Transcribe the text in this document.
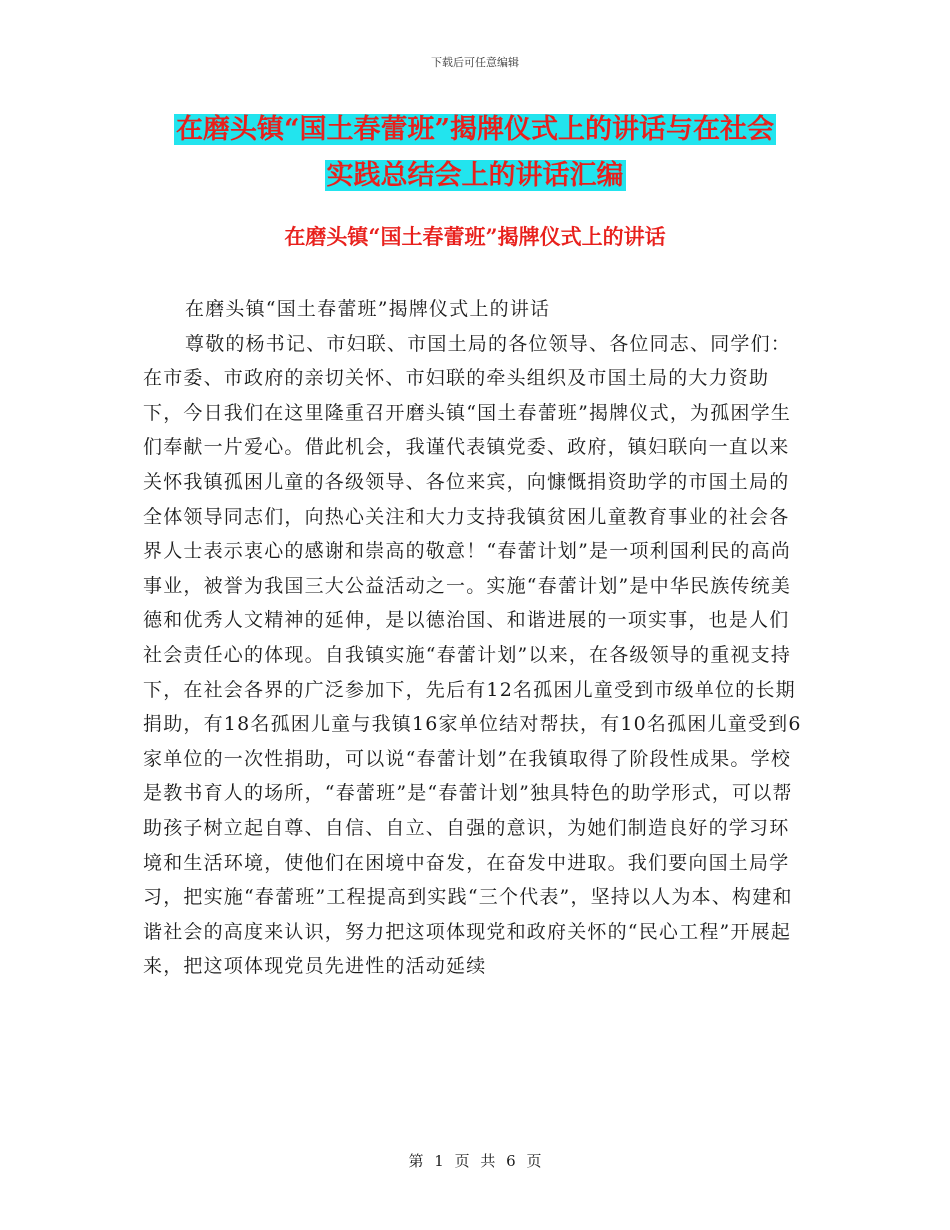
下载后可任意编辑
在磨头镇“国土春蕾班”揭牌仪式上的讲话与在社会
实践总结会上的讲话汇编
在磨头镇“国土春蕾班”揭牌仪式上的讲话

在磨头镇“国土春蕾班”揭牌仪式上的讲话

尊敬的杨书记、市妇联、市国土局的各位领导、各位同志、同学们：

在市委、市政府的亲切关怀、市妇联的牵头组织及市国土局的大力资助下，今日我们在这里隆重召开磨头镇“国土春蕾班”揭牌仪式，为孤困学生们奉献一片爱心。借此机会，我谨代表镇党委、政府，镇妇联向一直以来关怀我镇孤困儿童的各级领导、各位来宾，向慷慨捐资助学的市国土局的全体领导同志们，向热心关注和大力支持我镇贫困儿童教育事业的社会各界人士表示衷心的感谢和崇高的敬意！“春蕾计划”是一项利国利民的高尚事业，被誉为我国三大公益活动之一。实施“春蕾计划”是中华民族传统美德和优秀人文精神的延伸，是以德治国、和谐进展的一项实事，也是人们社会责任心的体现。自我镇实施“春蕾计划”以来，在各级领导的重视支持下，在社会各界的广泛参加下，先后有12名孤困儿童受到市级单位的长期捐助，有18名孤困儿童与我镇16家单位结对帮扶，有10名孤困儿童受到6家单位的一次性捐助，可以说“春蕾计划”在我镇取得了阶段性成果。学校是教书育人的场所，“春蕾班”是“春蕾计划”独具特色的助学形式，可以帮助孩子树立起自尊、自信、自立、自强的意识，为她们制造良好的学习环境和生活环境，使他们在困境中奋发，在奋发中进取。我们要向国土局学习，把实施“春蕾班”工程提高到实践“三个代表”，坚持以人为本、构建和谐社会的高度来认识，努力把这项体现党和政府关怀的“民心工程”开展起来，把这项体现党员先进性的活动延续

第 1 页 共 6 页
